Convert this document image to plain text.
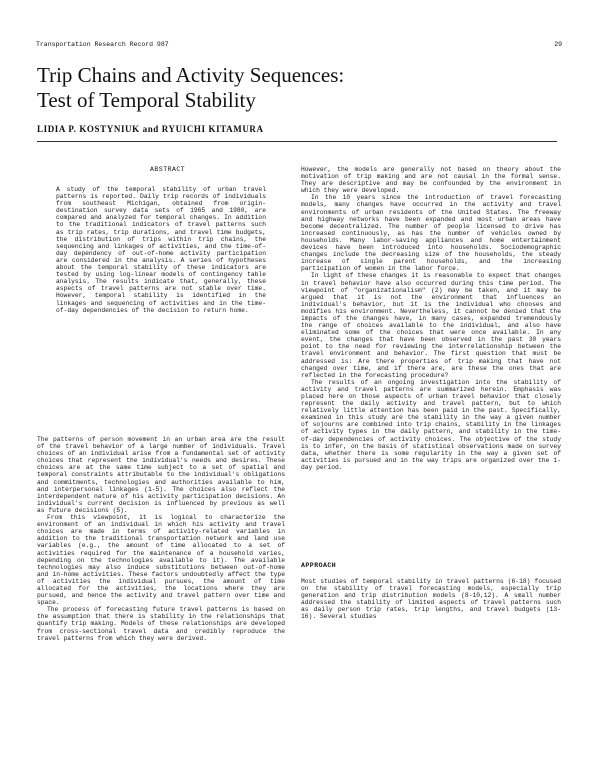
Transportation Research Record 987	29
Trip Chains and Activity Sequences:
Test of Temporal Stability
LIDIA P. KOSTYNIUK and RYUICHI KITAMURA
ABSTRACT

A study of the temporal stability of urban travel patterns is reported. Daily trip records of individuals from southeast Michigan, obtained from origin-destination survey data sets of 1965 and 1980, are compared and analyzed for temporal changes. In addition to the traditional indicators of travel patterns such as trip rates, trip durations, and travel time budgets, the distribution of trips within trip chains, the sequencing and linkages of activities, and the time-of-day dependency of out-of-home activity participation are considered in the analysis. A series of hypotheses about the temporal stability of these indicators are tested by using log-linear models of contingency table analysis. The results indicate that, generally, these aspects of travel patterns are not stable over time. However, temporal stability is identified in the linkages and sequencing of activities and in the time-of-day dependencies of the decision to return home.

The patterns of person movement in an urban area are the result of the travel behavior of a large number of individuals. Travel choices of an individual arise from a fundamental set of activity choices that represent the individual's needs and desires. These choices are at the same time subject to a set of spatial and temporal constraints attributable to the individual's obligations and commitments, technologies and authorities available to him, and interpersonal linkages (1-5). The choices also reflect the interdependent nature of his activity participation decisions. An individual's current decision is influenced by previous as well as future decisions (5).

From this viewpoint, it is logical to characterize the environment of an individual in which his activity and travel choices are made in terms of activity-related variables in addition to the traditional transportation network and land use variables (e.g., the amount of time allocated to a set of activities required for the maintenance of a household varies, depending on the technologies available to it). The available technologies may also induce substitutions between out-of-home and in-home activities. These factors undoubtedly affect the type of activities the individual pursues, the amount of time allocated for the activities, the locations where they are pursued, and hence the activity and travel pattern over time and space.

The process of forecasting future travel patterns is based on the assumption that there is stability in the relationships that quantify trip making. Models of these relationships are developed from cross-sectional travel data and credibly reproduce the travel patterns from which they were derived.

However, the models are generally not based on theory about the motivation of trip making and are not causal in the formal sense. They are descriptive and may be confounded by the environment in which they were developed.

In the 10 years since the introduction of travel forecasting models, many changes have occurred in the activity and travel environments of urban residents of the United States. The freeway and highway networks have been expanded and most urban areas have become decentralized. The number of people licensed to drive has increased continuously, as has the number of vehicles owned by households. Many labor-saving appliances and home entertainment devices have been introduced into households. Sociodemographic changes include the decreasing size of the households, the steady increase of single parent households, and the increasing participation of women in the labor force.

In light of these changes it is reasonable to expect that changes in travel behavior have also occurred during this time period. The viewpoint of "organizationalism" (2) may be taken, and it may be argued that it is not the environment that influences an individual's behavior, but it is the individual who chooses and modifies his environment. Nevertheless, it cannot be denied that the impacts of the changes have, in many cases, expanded tremendously the range of choices available to the individual, and also have eliminated some of the choices that were once available. In any event, the changes that have been observed in the past 30 years point to the need for reviewing the interrelationship between the travel environment and behavior. The first question that must be addressed is: Are there properties of trip making that have not changed over time, and if there are, are these the ones that are reflected in the forecasting procedure?

The results of an ongoing investigation into the stability of activity and travel patterns are summarized herein. Emphasis was placed here on those aspects of urban travel behavior that closely represent the daily activity and travel pattern, but to which relatively little attention has been paid in the past. Specifically, examined in this study are the stability in the way a given number of sojourns are combined into trip chains, stability in the linkages of activity types in the daily pattern, and stability in the time-of-day dependencies of activity choices. The objective of the study is to infer, on the basis of statistical observations made on survey data, whether there is some regularity in the way a given set of activities is pursued and in the way trips are organized over the 1-day period.

APPROACH

Most studies of temporal stability in travel patterns (6-18) focused on the stability of travel forecasting models, especially trip generation and trip distribution models (8-10,12). A small number addressed the stability of limited aspects of travel patterns such as daily person trip rates, trip lengths, and travel budgets (13-16). Several studies
